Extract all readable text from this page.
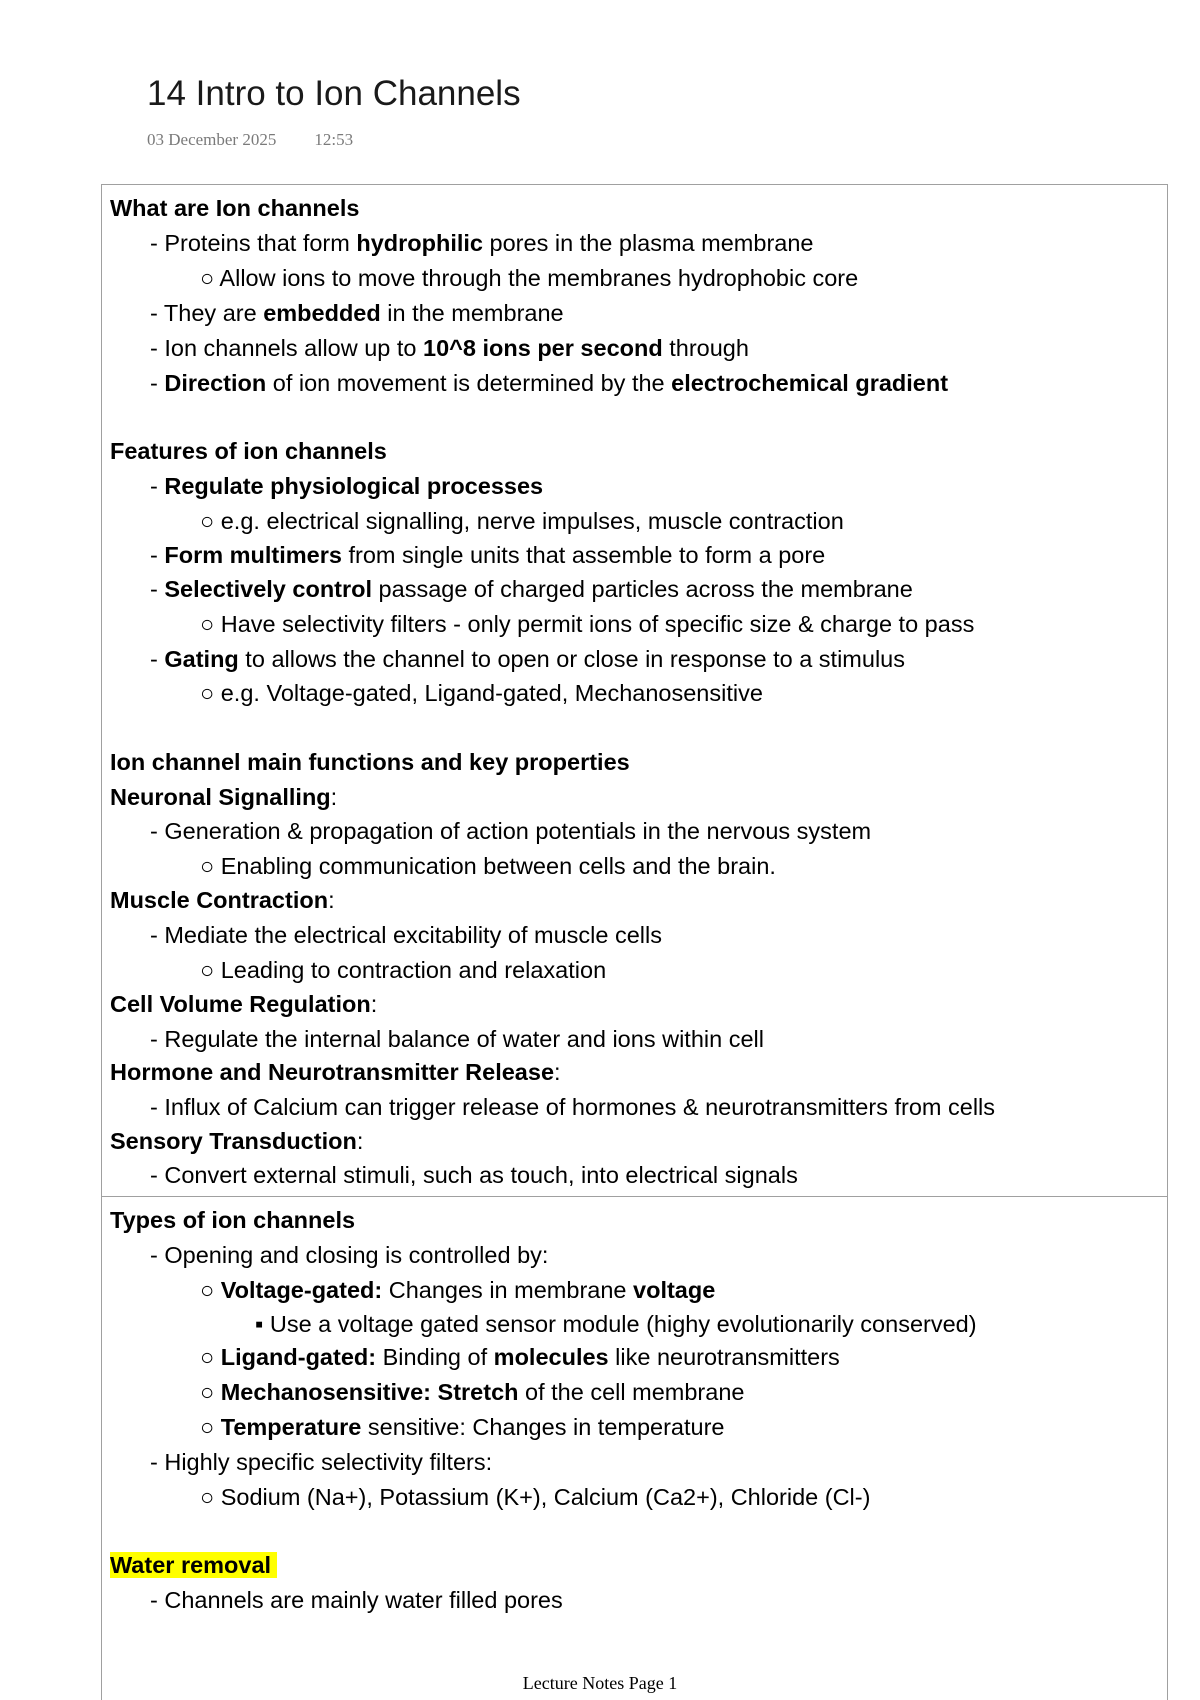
14 Intro to Ion Channels
03 December 2025 12:53
What are Ion channels
- Proteins that form hydrophilic pores in the plasma membrane
○ Allow ions to move through the membranes hydrophobic core
- They are embedded in the membrane
- Ion channels allow up to 10^8 ions per second through
- Direction of ion movement is determined by the electrochemical gradient
Features of ion channels
- Regulate physiological processes
○ e.g. electrical signalling, nerve impulses, muscle contraction
- Form multimers from single units that assemble to form a pore
- Selectively control passage of charged particles across the membrane
○ Have selectivity filters - only permit ions of specific size & charge to pass
- Gating to allows the channel to open or close in response to a stimulus
○ e.g. Voltage-gated, Ligand-gated, Mechanosensitive
Ion channel main functions and key properties
Neuronal Signalling:
- Generation & propagation of action potentials in the nervous system
○ Enabling communication between cells and the brain.
Muscle Contraction:
- Mediate the electrical excitability of muscle cells
○ Leading to contraction and relaxation
Cell Volume Regulation:
- Regulate the internal balance of water and ions within cell
Hormone and Neurotransmitter Release:
- Influx of Calcium can trigger release of hormones & neurotransmitters from cells
Sensory Transduction:
- Convert external stimuli, such as touch, into electrical signals
Types of ion channels
- Opening and closing is controlled by:
○ Voltage-gated: Changes in membrane voltage
▪ Use a voltage gated sensor module (highy evolutionarily conserved)
○ Ligand-gated: Binding of molecules like neurotransmitters
○ Mechanosensitive: Stretch of the cell membrane
○ Temperature sensitive: Changes in temperature
- Highly specific selectivity filters:
○ Sodium (Na+), Potassium (K+), Calcium (Ca2+), Chloride (Cl-)
Water removal
- Channels are mainly water filled pores
Lecture Notes Page 1
